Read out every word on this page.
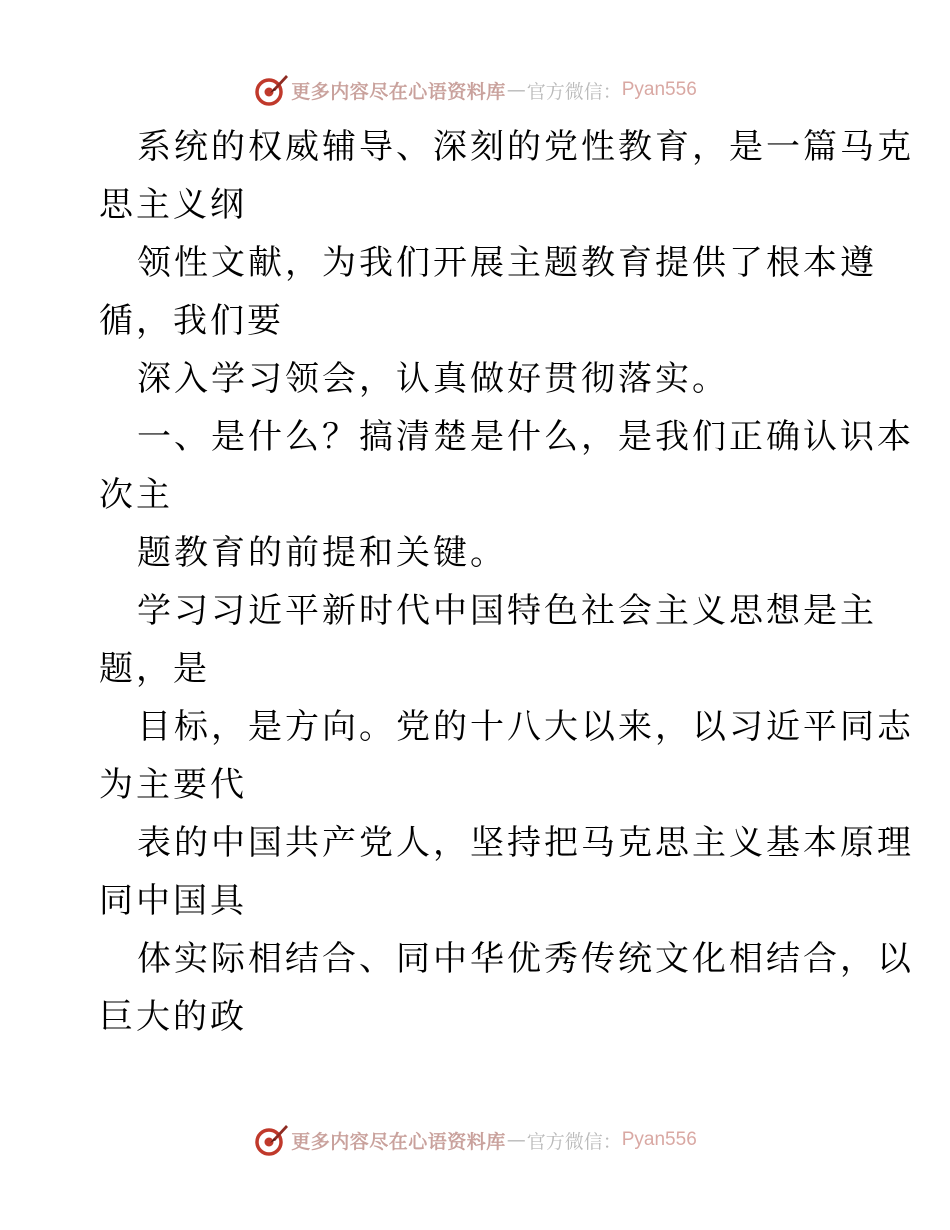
更多内容尽在心语资料库 — 官方微信： Pyan556
系统的权威辅导、深刻的党性教育，是一篇马克
思主义纲
领性文献，为我们开展主题教育提供了根本遵
循，我们要
深入学习领会，认真做好贯彻落实。
一、是什么？搞清楚是什么，是我们正确认识本
次主
题教育的前提和关键。
学习习近平新时代中国特色社会主义思想是主
题，是
目标，是方向。党的十八大以来，以习近平同志
为主要代
表的中国共产党人，坚持把马克思主义基本原理
同中国具
体实际相结合、同中华优秀传统文化相结合，以
巨大的政
更多内容尽在心语资料库 — 官方微信： Pyan556
